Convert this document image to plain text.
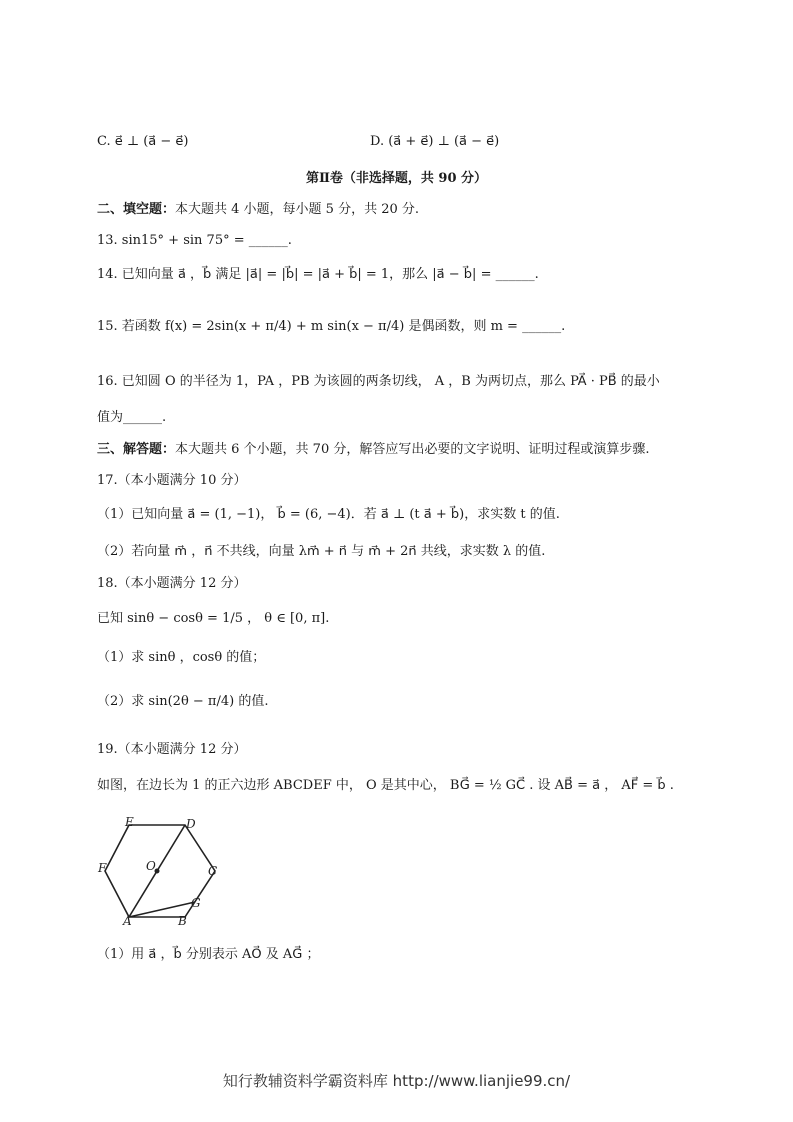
C. e⃗ ⊥ (a⃗ − e⃗)	D. (a⃗ + e⃗) ⊥ (a⃗ − e⃗)
第Ⅱ卷（非选择题，共 90 分）
二、填空题：本大题共 4 小题，每小题 5 分，共 20 分.
13. sin15° + sin 75° = ______.
14. 已知向量 a⃗ ，b⃗ 满足 |a⃗| = |b⃗| = |a⃗ + b⃗| = 1，那么 |a⃗ − b⃗| = ______.
15. 若函数 f(x) = 2sin(x + π/4) + m sin(x − π/4) 是偶函数，则 m = ______.
16. 已知圆 O 的半径为 1，PA ，PB 为该圆的两条切线， A ，B 为两切点，那么 PA⃗ · PB⃗ 的最小
值为______.
三、解答题：本大题共 6 个小题，共 70 分，解答应写出必要的文字说明、证明过程或演算步骤.
17.（本小题满分 10 分）
（1）已知向量 a⃗ = (1, −1)， b⃗ = (6, −4)．若 a⃗ ⊥ (t a⃗ + b⃗)，求实数 t 的值.
（2）若向量 m⃗ ，n⃗ 不共线，向量 λm⃗ + n⃗ 与 m⃗ + 2n⃗ 共线，求实数 λ 的值.
18.（本小题满分 12 分）
已知 sinθ − cosθ = 1/5 ， θ ∈ [0, π].
（1）求 sinθ ，cosθ 的值；
（2）求 sin(2θ − π/4) 的值.
19.（本小题满分 12 分）
如图，在边长为 1 的正六边形 ABCDEF 中， O 是其中心， BG⃗ = ½ GC⃗ . 设 AB⃗ = a⃗ ， AF⃗ = b⃗ .
E	D
F	O	C
G
A	B
（1）用 a⃗ ，b⃗ 分别表示 AO⃗ 及 AG⃗ ；
知行教辅资料学霸资料库 http://www.lianjie99.cn/
